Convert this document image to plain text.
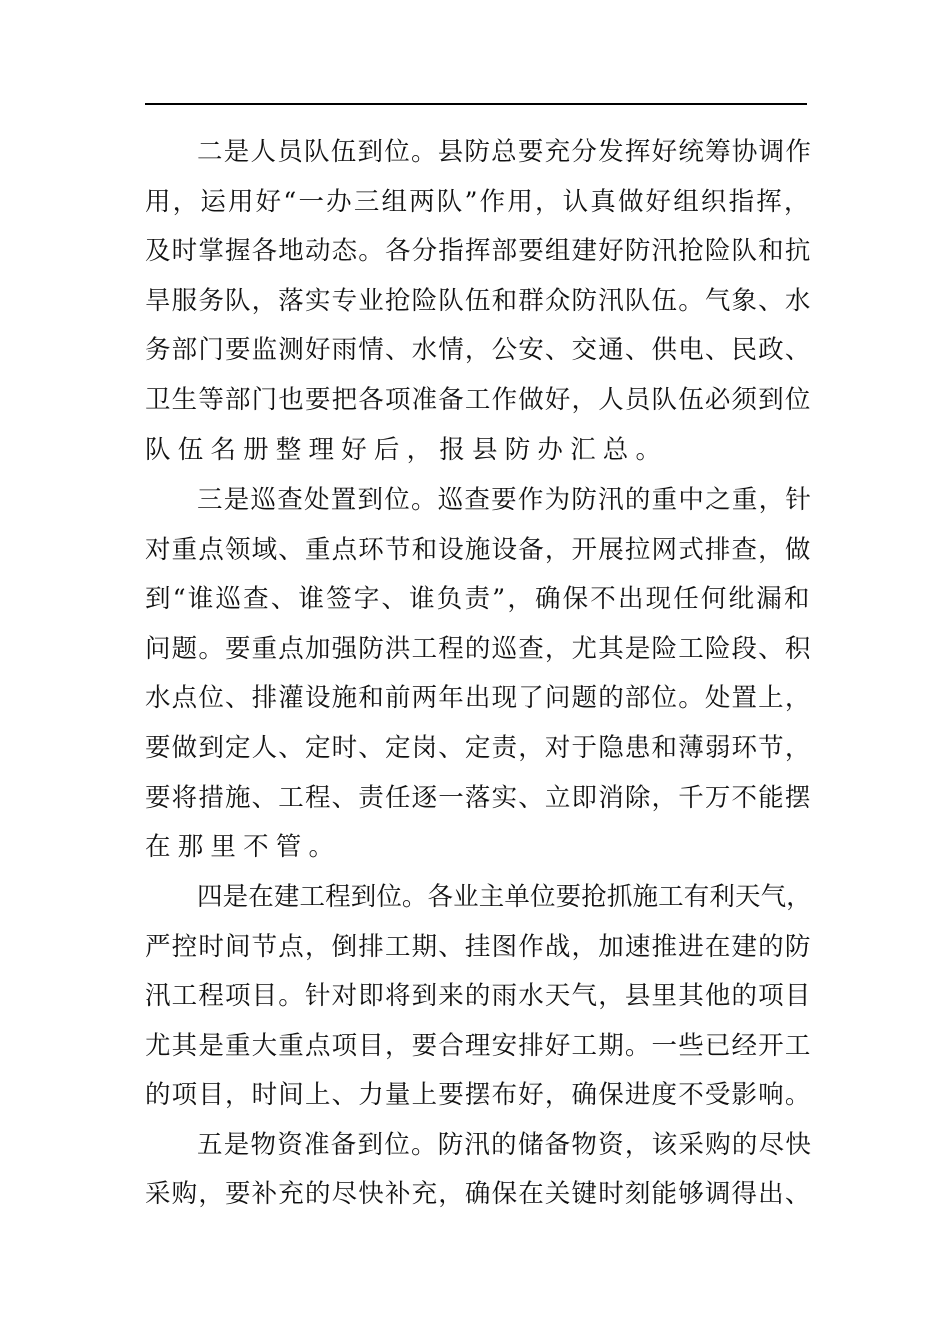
二是人员队伍到位。县防总要充分发挥好统筹协调作
用，运用好“一办三组两队”作用，认真做好组织指挥，
及时掌握各地动态。各分指挥部要组建好防汛抢险队和抗
旱服务队，落实专业抢险队伍和群众防汛队伍。气象、水
务部门要监测好雨情、水情，公安、交通、供电、民政、
卫生等部门也要把各项准备工作做好，人员队伍必须到位
队伍名册整理好后，报县防办汇总。
三是巡查处置到位。巡查要作为防汛的重中之重，针
对重点领域、重点环节和设施设备，开展拉网式排查，做
到“谁巡查、谁签字、谁负责”，确保不出现任何纰漏和
问题。要重点加强防洪工程的巡查，尤其是险工险段、积
水点位、排灌设施和前两年出现了问题的部位。处置上，
要做到定人、定时、定岗、定责，对于隐患和薄弱环节，
要将措施、工程、责任逐一落实、立即消除，千万不能摆
在那里不管。
四是在建工程到位。各业主单位要抢抓施工有利天气，
严控时间节点，倒排工期、挂图作战，加速推进在建的防
汛工程项目。针对即将到来的雨水天气，县里其他的项目
尤其是重大重点项目，要合理安排好工期。一些已经开工
的项目，时间上、力量上要摆布好，确保进度不受影响。
五是物资准备到位。防汛的储备物资，该采购的尽快
采购，要补充的尽快补充，确保在关键时刻能够调得出、
